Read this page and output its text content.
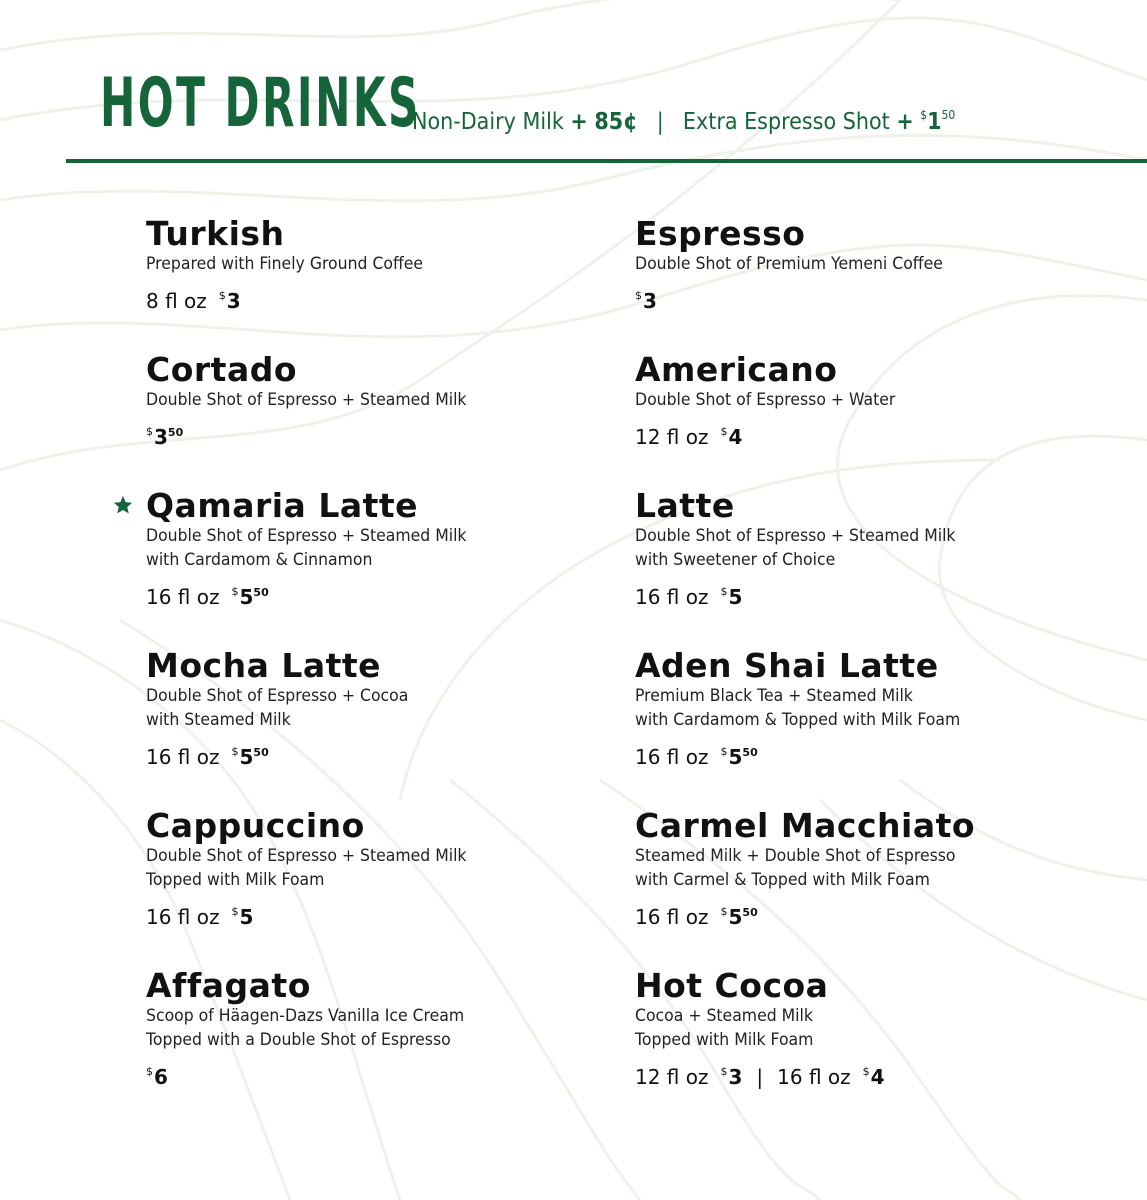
HOT DRINKS
Non-Dairy Milk + 85¢ | Extra Espresso Shot + $^{\$}1^{50}$
Turkish
Prepared with Finely Ground Coffee
8 fl oz $3
Cortado
Double Shot of Espresso + Steamed Milk
$^{\$}3^{50}$
Qamaria Latte
Double Shot of Espresso + Steamed Milk
with Cardamom & Cinnamon
16 fl oz $^{\$}5^{50}$
Mocha Latte
Double Shot of Espresso + Cocoa
with Steamed Milk
16 fl oz $^{\$}5^{50}$
Cappuccino
Double Shot of Espresso + Steamed Milk
Topped with Milk Foam
16 fl oz $5
Affagato
Scoop of Häagen-Dazs Vanilla Ice Cream
Topped with a Double Shot of Espresso
$6
Espresso
Double Shot of Premium Yemeni Coffee
$3
Americano
Double Shot of Espresso + Water
12 fl oz $4
Latte
Double Shot of Espresso + Steamed Milk
with Sweetener of Choice
16 fl oz $5
Aden Shai Latte
Premium Black Tea + Steamed Milk
with Cardamom & Topped with Milk Foam
16 fl oz $^{\$}5^{50}$
Carmel Macchiato
Steamed Milk + Double Shot of Espresso
with Carmel & Topped with Milk Foam
16 fl oz $^{\$}5^{50}$
Hot Cocoa
Cocoa + Steamed Milk
Topped with Milk Foam
12 fl oz $3 | 16 fl oz $4
